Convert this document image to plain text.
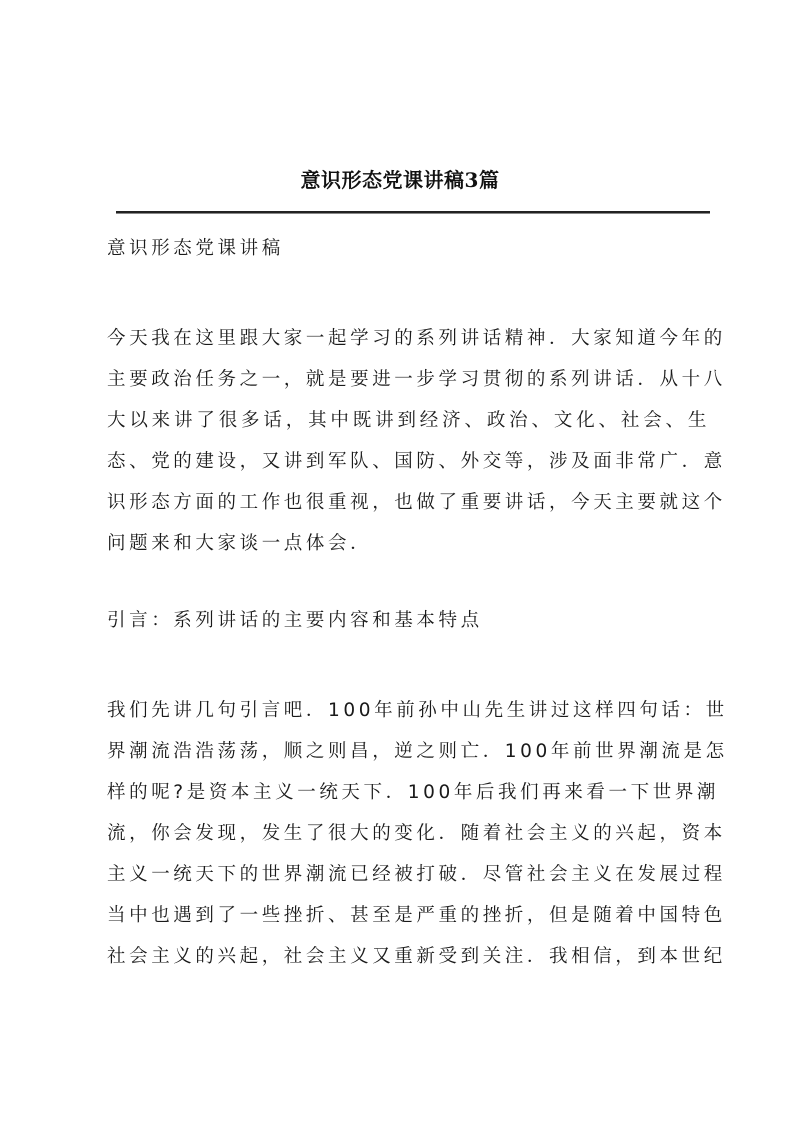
意识形态党课讲稿3篇
意识形态党课讲稿
今天我在这里跟大家一起学习的系列讲话精神．大家知道今年的
主要政治任务之一，就是要进一步学习贯彻的系列讲话．从十八
大以来讲了很多话，其中既讲到经济、政治、文化、社会、生
态、党的建设，又讲到军队、国防、外交等，涉及面非常广．意
识形态方面的工作也很重视，也做了重要讲话，今天主要就这个
问题来和大家谈一点体会．
引言：系列讲话的主要内容和基本特点
我们先讲几句引言吧．100年前孙中山先生讲过这样四句话：世
界潮流浩浩荡荡，顺之则昌，逆之则亡．100年前世界潮流是怎
样的呢?是资本主义一统天下．100年后我们再来看一下世界潮
流，你会发现，发生了很大的变化．随着社会主义的兴起，资本
主义一统天下的世界潮流已经被打破．尽管社会主义在发展过程
当中也遇到了一些挫折、甚至是严重的挫折，但是随着中国特色
社会主义的兴起，社会主义又重新受到关注．我相信，到本世纪
